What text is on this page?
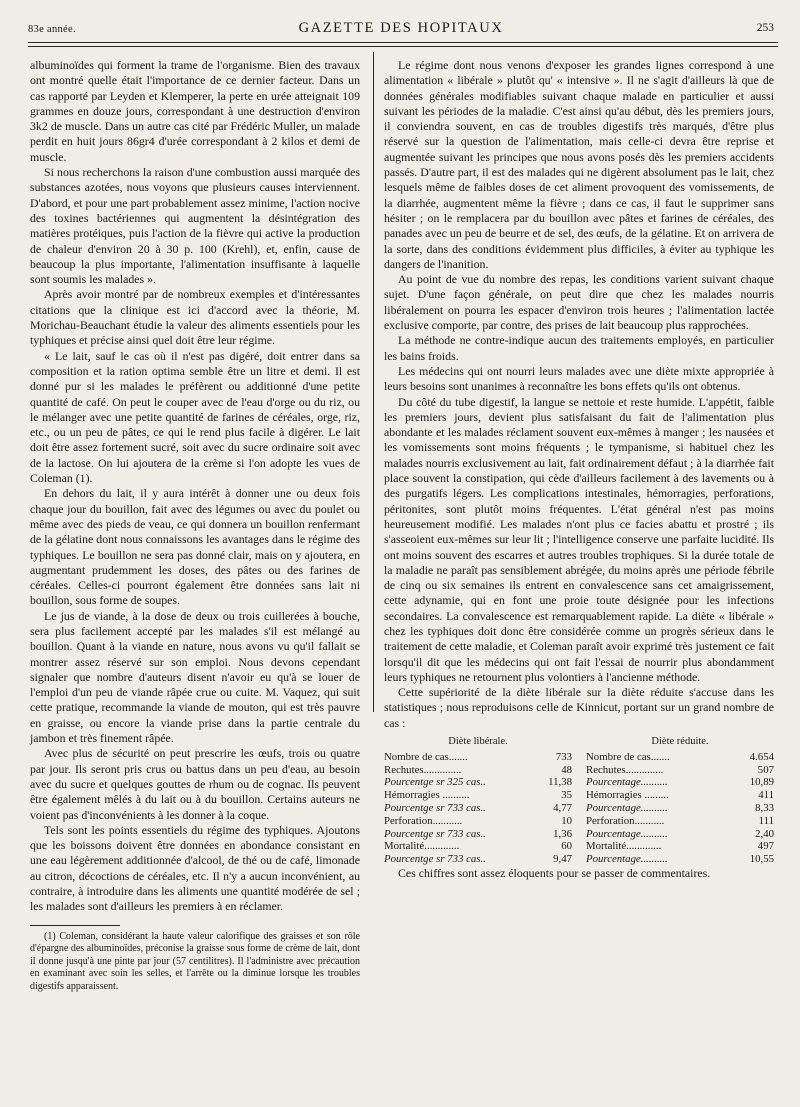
83e année.	GAZETTE DES HOPITAUX	253

albuminoïdes qui forment la trame de l'organisme. Bien des travaux ont montré quelle était l'importance de ce dernier facteur. Dans un cas rapporté par Leyden et Klemperer, la perte en urée atteignait 109 grammes en douze jours, correspondant à une destruction d'environ 3k2 de muscle. Dans un autre cas cité par Frédéric Muller, un malade perdit en huit jours 86gr4 d'urée correspondant à 2 kilos et demi de muscle.

Si nous recherchons la raison d'une combustion aussi marquée des substances azotées, nous voyons que plusieurs causes interviennent. D'abord, et pour une part probablement assez minime, l'action nocive des toxines bactériennes qui augmentent la désintégration des matières protéiques, puis l'action de la fièvre qui active la production de chaleur d'environ 20 à 30 p. 100 (Krehl), et, enfin, cause de beaucoup la plus importante, l'alimentation insuffisante à laquelle sont soumis les malades ».

Après avoir montré par de nombreux exemples et d'intéressantes citations que la clinique est ici d'accord avec la théorie, M. Morichau-Beauchant étudie la valeur des aliments essentiels pour les typhiques et précise ainsi quel doit être leur régime.

« Le lait, sauf le cas où il n'est pas digéré, doit entrer dans sa composition et la ration optima semble être un litre et demi. Il est donné pur si les malades le préfèrent ou additionné d'une petite quantité de café. On peut le couper avec de l'eau d'orge ou du riz, ou le mélanger avec une petite quantité de farines de céréales, orge, riz, etc., ou un peu de pâtes, ce qui le rend plus facile à digérer. Le lait doit être assez fortement sucré, soit avec du sucre ordinaire soit avec de la lactose. On lui ajoutera de la crème si l'on adopte les vues de Coleman (1).

En dehors du lait, il y aura intérêt à donner une ou deux fois chaque jour du bouillon, fait avec des légumes ou avec du poulet ou même avec des pieds de veau, ce qui donnera un bouillon renfermant de la gélatine dont nous connaissons les avantages dans le régime des typhiques. Le bouillon ne sera pas donné clair, mais on y ajoutera, en augmentant prudemment les doses, des pâtes ou des farines de céréales. Celles-ci pourront également être données sans lait ni bouillon, sous forme de soupes.

Le jus de viande, à la dose de deux ou trois cuillerées à bouche, sera plus facilement accepté par les malades s'il est mélangé au bouillon. Quant à la viande en nature, nous avons vu qu'il fallait se montrer assez réservé sur son emploi. Nous devons cependant signaler que nombre d'auteurs disent n'avoir eu qu'à se louer de l'emploi d'un peu de viande râpée crue ou cuite. M. Vaquez, qui suit cette pratique, recommande la viande de mouton, qui est très pauvre en graisse, ou encore la viande prise dans la partie centrale du jambon et très finement râpée.

Avec plus de sécurité on peut prescrire les œufs, trois ou quatre par jour. Ils seront pris crus ou battus dans un peu d'eau, au besoin avec du sucre et quelques gouttes de rhum ou de cognac. Ils peuvent être également mêlés à du lait ou à du bouillon. Certains auteurs ne voient pas d'inconvénients à les donner à la coque.

Tels sont les points essentiels du régime des typhiques. Ajoutons que les boissons doivent être données en abondance consistant en une eau légèrement additionnée d'alcool, de thé ou de café, limonade au citron, décoctions de céréales, etc. Il n'y a aucun inconvénient, au contraire, à introduire dans les aliments une quantité modérée de sel ; les malades sont d'ailleurs les premiers à en réclamer.

(1) Coleman, considérant la haute valeur calorifique des graisses et son rôle d'épargne des albuminoïdes, préconise la graisse sous forme de crème de lait, dont il donne jusqu'à une pinte par jour (57 centilitres). Il l'administre avec précaution en examinant avec soin les selles, et l'arrête ou la diminue lorsque les troubles digestifs apparaissent.

Le régime dont nous venons d'exposer les grandes lignes correspond à une alimentation « libérale » plutôt qu' « intensive ». Il ne s'agit d'ailleurs là que de données générales modifiables suivant chaque malade en particulier et aussi suivant les périodes de la maladie. C'est ainsi qu'au début, dès les premiers jours, il conviendra souvent, en cas de troubles digestifs très marqués, d'être plus réservé sur la question de l'alimentation, mais celle-ci devra être reprise et augmentée suivant les principes que nous avons posés dès les premiers accidents passés. D'autre part, il est des malades qui ne digèrent absolument pas le lait, chez lesquels même de faibles doses de cet aliment provoquent des vomissements, de la diarrhée, augmentent même la fièvre ; dans ce cas, il faut le supprimer sans hésiter ; on le remplacera par du bouillon avec pâtes et farines de céréales, des panades avec un peu de beurre et de sel, des œufs, de la gélatine. Et on arrivera de la sorte, dans des conditions évidemment plus difficiles, à éviter au typhique les dangers de l'inanition.

Au point de vue du nombre des repas, les conditions varient suivant chaque sujet. D'une façon générale, on peut dire que chez les malades nourris libéralement on pourra les espacer d'environ trois heures ; l'alimentation lactée exclusive comporte, par contre, des prises de lait beaucoup plus rapprochées.

La méthode ne contre-indique aucun des traitements employés, en particulier les bains froids.

Les médecins qui ont nourri leurs malades avec une diète mixte appropriée à leurs besoins sont unanimes à reconnaître les bons effets qu'ils ont obtenus.

Du côté du tube digestif, la langue se nettoie et reste humide. L'appétit, faible les premiers jours, devient plus satisfaisant du fait de l'alimentation plus abondante et les malades réclament souvent eux-mêmes à manger ; les nausées et les vomissements sont moins fréquents ; le tympanisme, si habituel chez les malades nourris exclusivement au lait, fait ordinairement défaut ; à la diarrhée fait place souvent la constipation, qui cède d'ailleurs facilement à des lavements ou à des purgatifs légers. Les complications intestinales, hémorragies, perforations, péritonites, sont plutôt moins fréquentes. L'état général n'est pas moins heureusement modifié. Les malades n'ont plus ce facies abattu et prostré ; ils s'asseoient eux-mêmes sur leur lit ; l'intelligence conserve une parfaite lucidité. Ils ont moins souvent des escarres et autres troubles trophiques. Si la durée totale de la maladie ne paraît pas sensiblement abrégée, du moins après une période fébrile de cinq ou six semaines ils entrent en convalescence sans cet amaigrissement, cette adynamie, qui en font une proie toute désignée pour les infections secondaires. La convalescence est remarquablement rapide. La diète « libérale » chez les typhiques doit donc être considérée comme un progrès sérieux dans le traitement de cette maladie, et Coleman paraît avoir exprimé très justement ce fait lorsqu'il dit que les médecins qui ont fait l'essai de nourrir plus abondamment leurs typhiques ne retournent plus volontiers à l'ancienne méthode.

Cette supériorité de la diète libérale sur la diète réduite s'accuse dans les statistiques ; nous reproduisons celle de Kinnicut, portant sur un grand nombre de cas :

Diète libérale.
Nombre de cas.......	733
Rechutes..............	48
Pourcentge sr 325 cas..	11,38
Hémorragies ..........	35
Pourcentge sr 733 cas..	4,77
Perforation...........	10
Pourcentge sr 733 cas..	1,36
Mortalité.............	60
Pourcentge sr 733 cas..	9,47
Diète réduite.
Nombre de cas.......	4.654
Rechutes..............	507
Pourcentage..........	10,89
Hémorragies .........	411
Pourcentage..........	8,33
Perforation...........	111
Pourcentage..........	2,40
Mortalité.............	497
Pourcentage..........	10,55

Ces chiffres sont assez éloquents pour se passer de commentaires.
